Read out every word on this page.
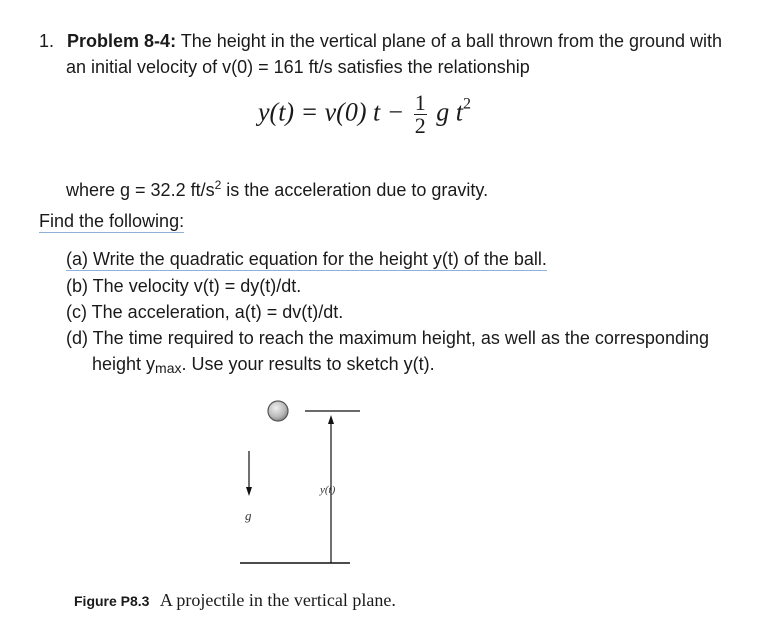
1. Problem 8-4: The height in the vertical plane of a ball thrown from the ground with
an initial velocity of v(0) = 161 ft/s satisfies the relationship
y(t) = v(0) $t - \frac{1}{2}$ g $t^2$
where g = 32.2 $ft/s^2$ is the acceleration due to gravity.
Find the following:
(a) Write the quadratic equation for the height y(t) of the ball.
(b) The velocity v(t) = dy(t)/dt.
(c) The acceleration, a(t) = dv(t)/dt.
(d) The time required to reach the maximum height, as well as the corresponding
height $y_{max}$. Use your results to sketch y(t).
y(t)
g
Figure P8.3 A projectile in the vertical plane.
